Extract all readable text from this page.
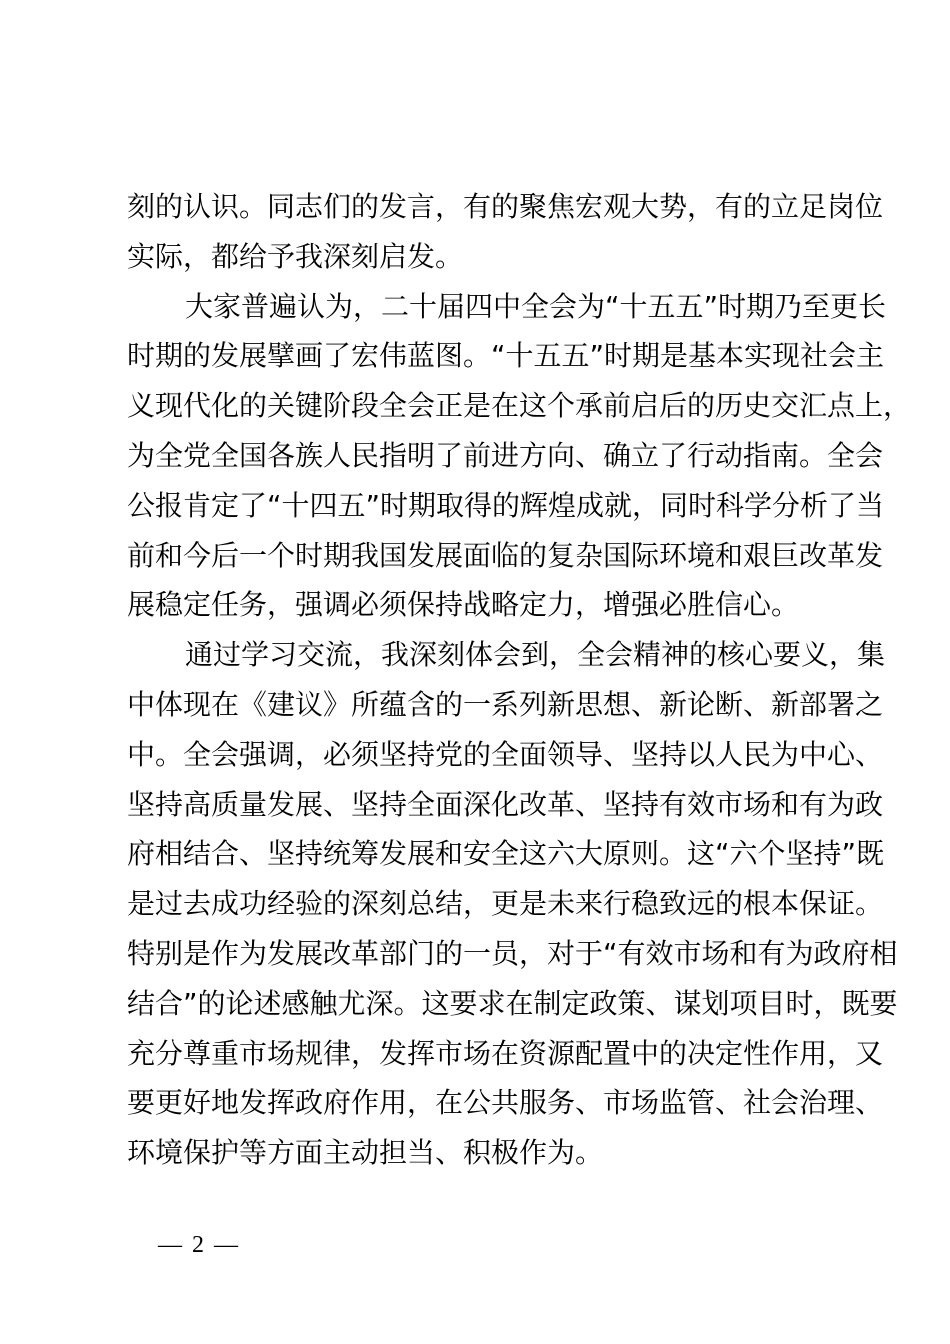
刻的认识。同志们的发言，有的聚焦宏观大势，有的立足岗位
实际，都给予我深刻启发。
大家普遍认为，二十届四中全会为“十五五”时期乃至更长
时期的发展擘画了宏伟蓝图。“十五五”时期是基本实现社会主
义现代化的关键阶段全会正是在这个承前启后的历史交汇点上，
为全党全国各族人民指明了前进方向、确立了行动指南。全会
公报肯定了“十四五”时期取得的辉煌成就，同时科学分析了当
前和今后一个时期我国发展面临的复杂国际环境和艰巨改革发
展稳定任务，强调必须保持战略定力，增强必胜信心。
通过学习交流，我深刻体会到，全会精神的核心要义，集
中体现在《建议》所蕴含的一系列新思想、新论断、新部署之
中。全会强调，必须坚持党的全面领导、坚持以人民为中心、
坚持高质量发展、坚持全面深化改革、坚持有效市场和有为政
府相结合、坚持统筹发展和安全这六大原则。这“六个坚持”既
是过去成功经验的深刻总结，更是未来行稳致远的根本保证。
特别是作为发展改革部门的一员，对于“有效市场和有为政府相
结合”的论述感触尤深。这要求在制定政策、谋划项目时，既要
充分尊重市场规律，发挥市场在资源配置中的决定性作用，又
要更好地发挥政府作用，在公共服务、市场监管、社会治理、
环境保护等方面主动担当、积极作为。
— 2 —
